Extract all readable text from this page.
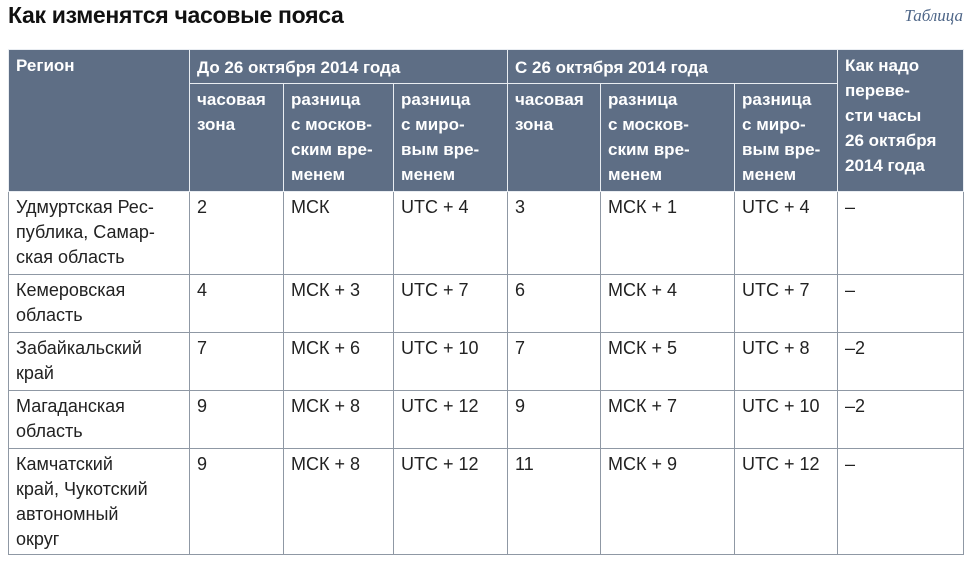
Как изменятся часовые пояса	Таблица
Регион	До 26 октября 2014 года			С 26 октября 2014 года			Как надо
переве-
сти часы
26 октября
2014 года

	часовая
зона	разница
с москов-
ским вре-
менем	разница
с миро-
вым вре-
менем	часовая
зона	разница
с москов-
ским вре-
менем	разница
с миро-
вым вре-
менем	

Удмуртская Рес-
публика, Самар-
ская область	2	МСК	UTC + 4	3	МСК + 1	UTC + 4	–

Кемеровская
область	4	МСК + 3	UTC + 7	6	МСК + 4	UTC + 7	–

Забайкальский
край	7	МСК + 6	UTC + 10	7	МСК + 5	UTC + 8	–2

Магаданская
область	9	МСК + 8	UTC + 12	9	МСК + 7	UTC + 10	–2

Камчатский
край, Чукотский
автономный
округ	9	МСК + 8	UTC + 12	11	МСК + 9	UTC + 12	–
